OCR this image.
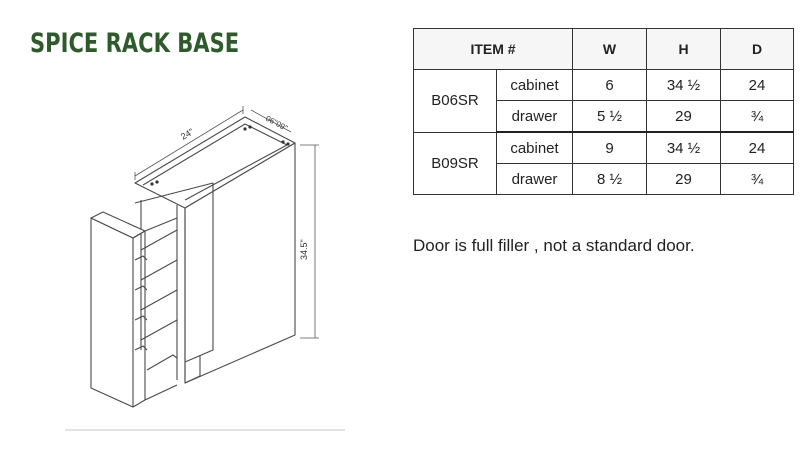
SPICE RACK BASE
24"
06"09"
34.5"
ITEM #		W	H	D
B06SR	cabinet	6	34 ½	24
	drawer	5 ½	29	¾
B09SR	cabinet	9	34 ½	24
	drawer	8 ½	29	¾
Door is full filler , not a standard door.
